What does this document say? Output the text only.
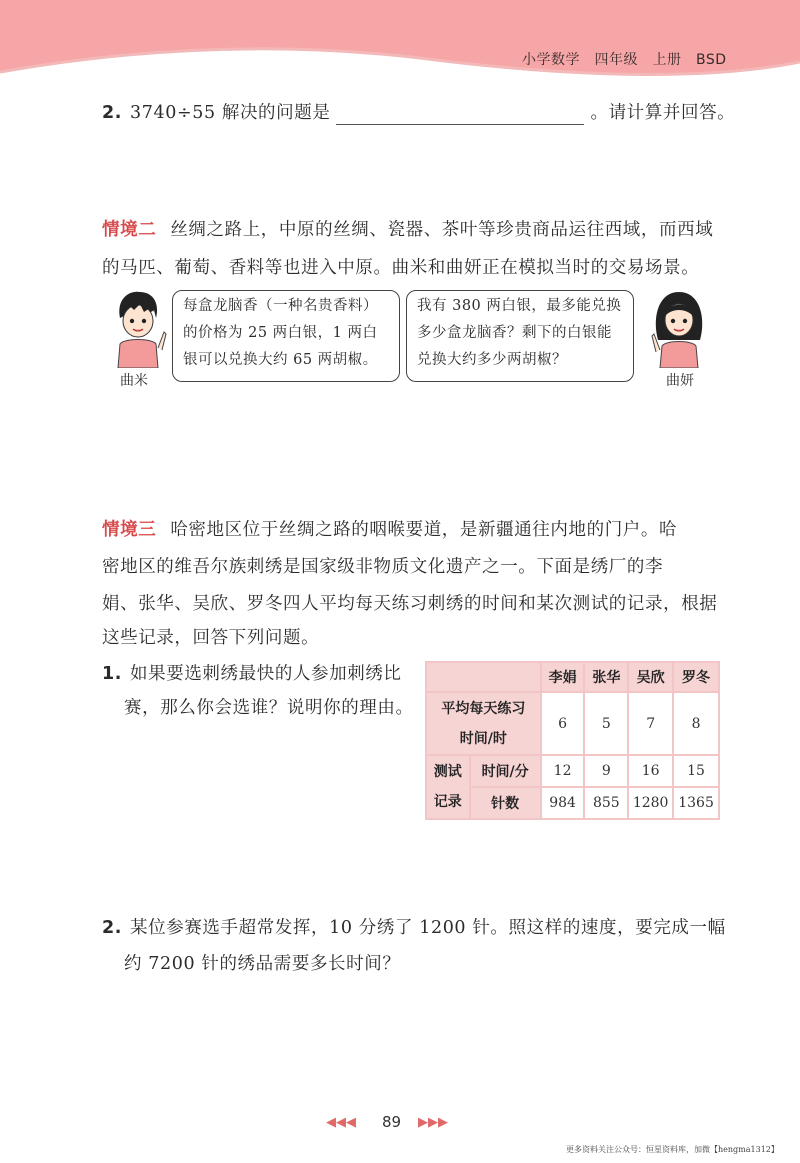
小学数学　四年级　上册　BSD
2. 3740÷55 解决的问题是	。请计算并回答。
情境二 丝绸之路上，中原的丝绸、瓷器、茶叶等珍贵商品运往西域，而西域
的马匹、葡萄、香料等也进入中原。曲米和曲妍正在模拟当时的交易场景。
曲米
每盒龙脑香（一种名贵香料）
的价格为 25 两白银，1 两白
银可以兑换大约 65 两胡椒。
我有 380 两白银，最多能兑换
多少盒龙脑香？剩下的白银能
兑换大约多少两胡椒？
曲妍
情境三 哈密地区位于丝绸之路的咽喉要道，是新疆通往内地的门户。哈
密地区的维吾尔族刺绣是国家级非物质文化遗产之一。下面是绣厂的李
娟、张华、吴欣、罗冬四人平均每天练习刺绣的时间和某次测试的记录，根据
这些记录，回答下列问题。
1. 如果要选刺绣最快的人参加刺绣比
赛，那么你会选谁？说明你的理由。
		李娟	张华	吴欣	罗冬

平均每天练习
时间/时		6	5	7	8

测试
记录	时间/分	12	9	16	15
	针数	984	855	1280	1365
2. 某位参赛选手超常发挥，10 分绣了 1200 针。照这样的速度，要完成一幅
约 7200 针的绣品需要多长时间？
◀◀◀ 89 ▶▶▶
更多资料关注公众号：恒星资料库，加微【hengma1312】
